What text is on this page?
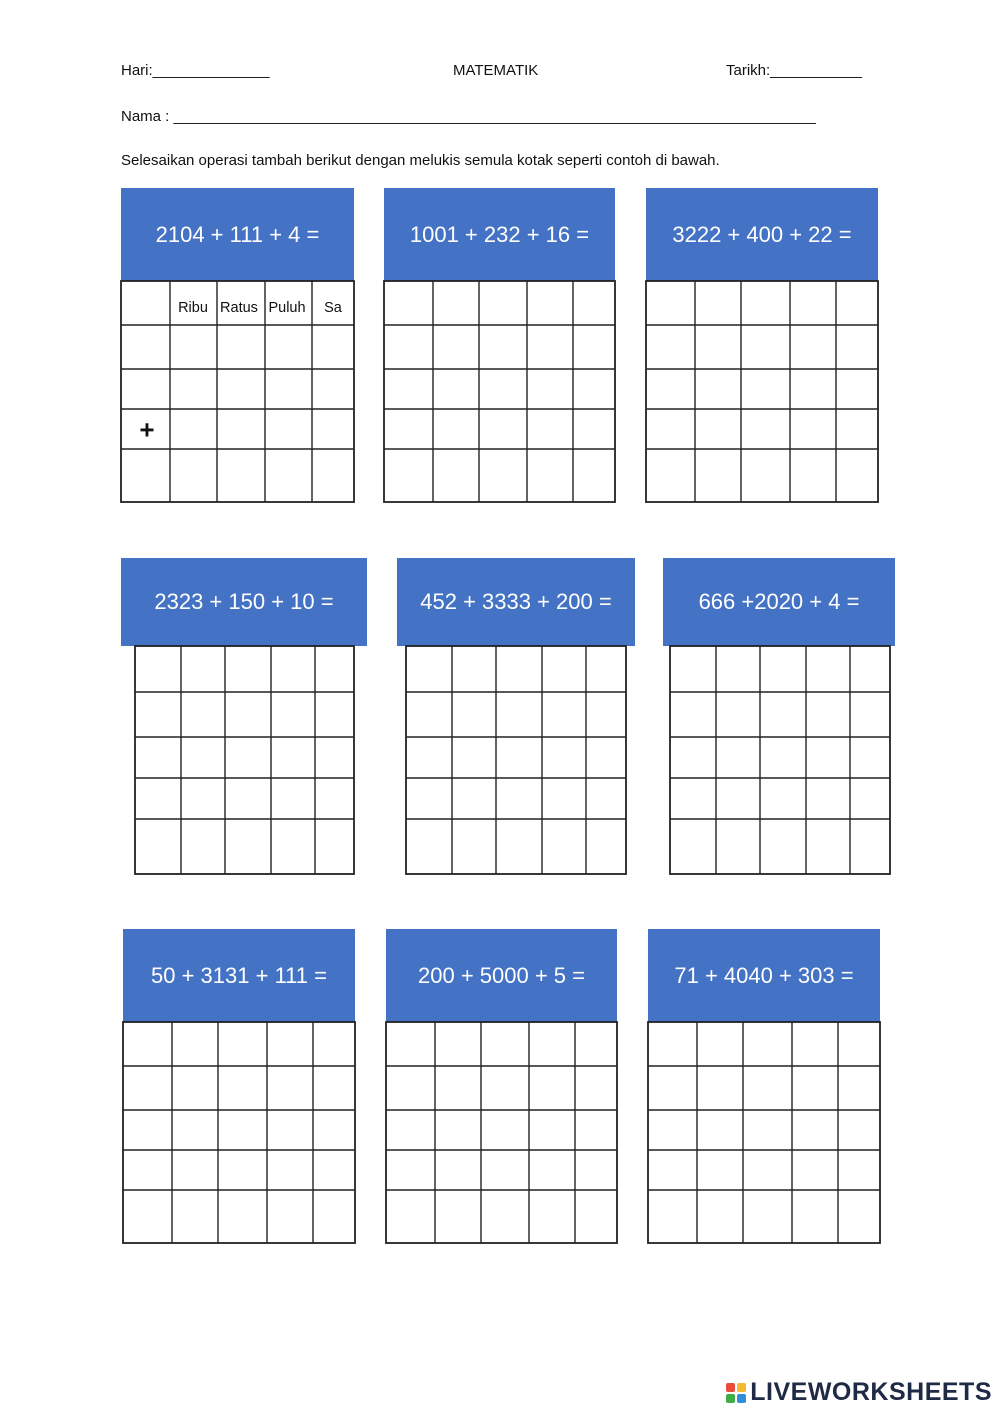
Hari:______________	MATEMATIK	Tarikh:___________
Nama : _____________________________________________________________________________
Selesaikan operasi tambah berikut dengan melukis semula kotak seperti contoh di bawah.
2104 + 111 + 4 =
Ribu Ratus Puluh Sa
+
1001 + 232 + 16 =	3222 + 400 + 22 =
2323 + 150 + 10 =	452 + 3333 + 200 =	666 +2020 + 4 =
50 + 3131 + 111 =	200 + 5000 + 5 =	71 + 4040 + 303 =
LIVEWORKSHEETS
